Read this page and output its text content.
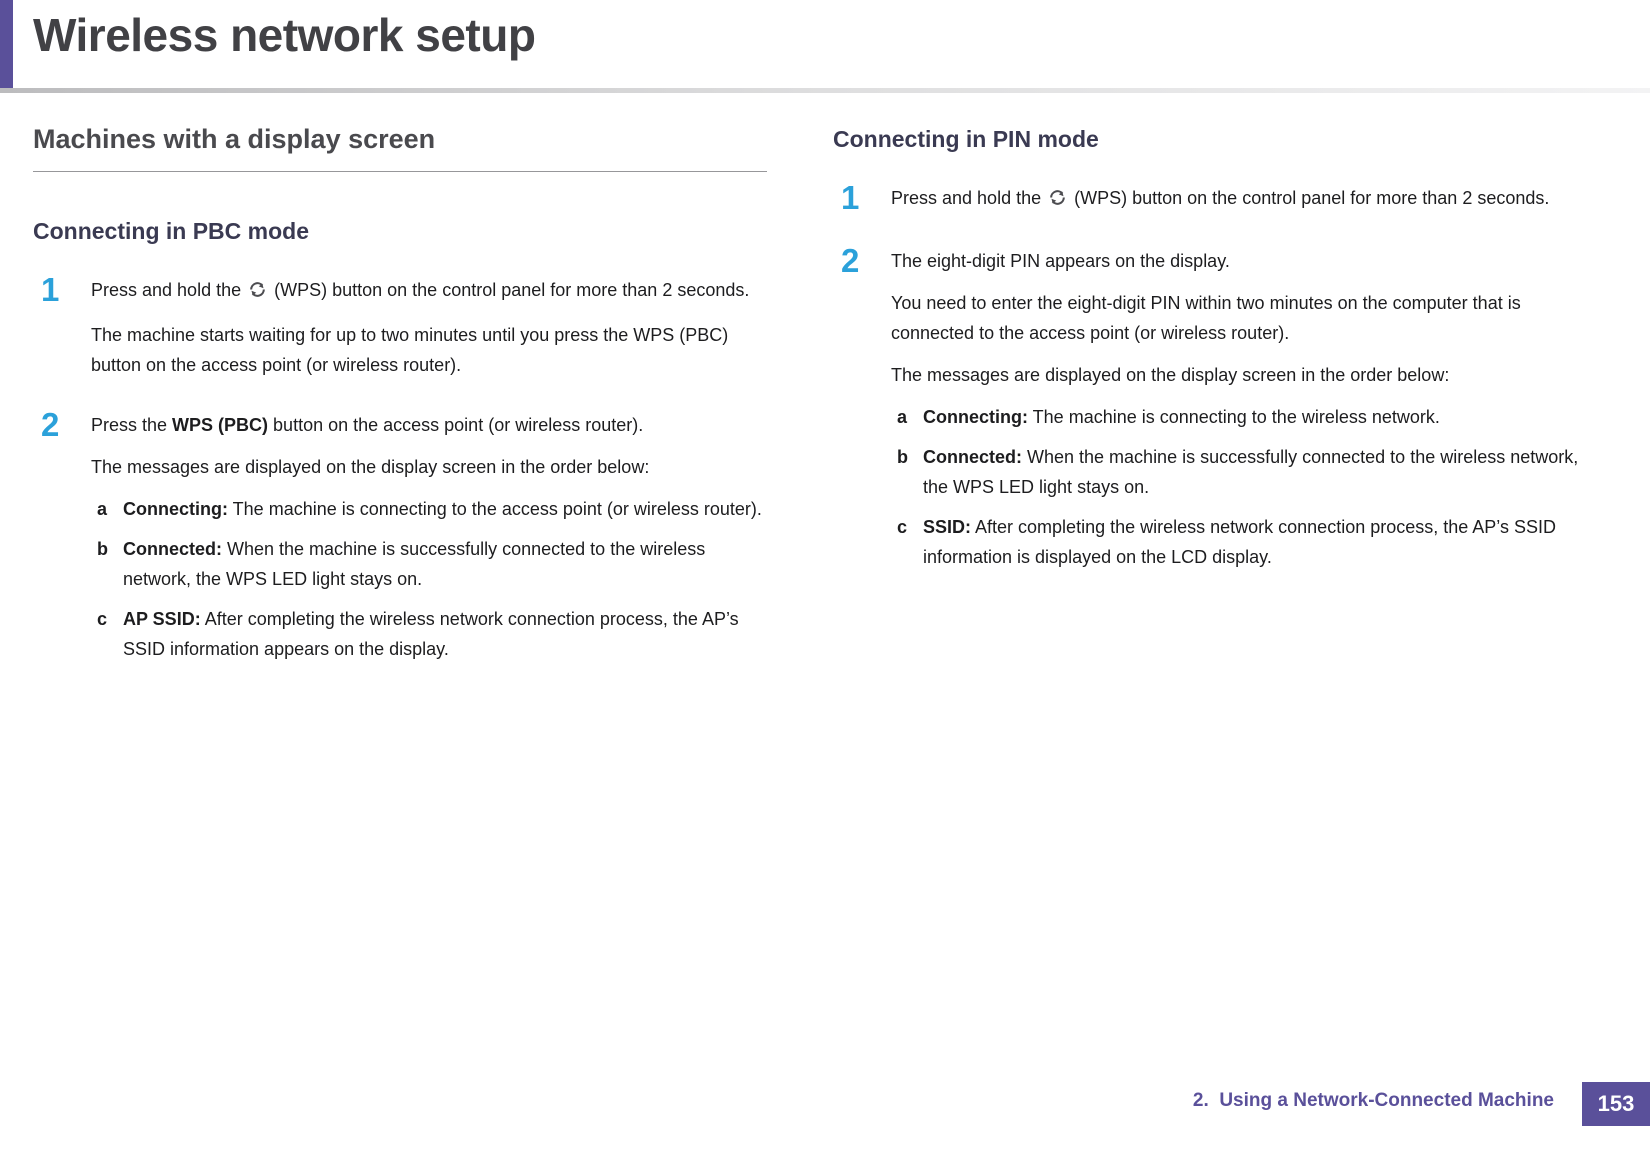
Wireless network setup
Machines with a display screen
Connecting in PBC mode
1	Press and hold the  (WPS) button on the control panel for more than 2 seconds.

The machine starts waiting for up to two minutes until you press the WPS (PBC) button on the access point (or wireless router).

2	Press the WPS (PBC) button on the access point (or wireless router).

The messages are displayed on the display screen in the order below:

a Connecting: The machine is connecting to the access point (or wireless router).
b Connected: When the machine is successfully connected to the wireless network, the WPS LED light stays on.
c AP SSID: After completing the wireless network connection process, the AP’s SSID information appears on the display.
Connecting in PIN mode
1	Press and hold the  (WPS) button on the control panel for more than 2 seconds.

2	The eight-digit PIN appears on the display.

You need to enter the eight-digit PIN within two minutes on the computer that is connected to the access point (or wireless router).

The messages are displayed on the display screen in the order below:

a Connecting: The machine is connecting to the wireless network.
b Connected: When the machine is successfully connected to the wireless network, the WPS LED light stays on.
c SSID: After completing the wireless network connection process, the AP’s SSID information is displayed on the LCD display.
2.  Using a Network-Connected Machine	153
